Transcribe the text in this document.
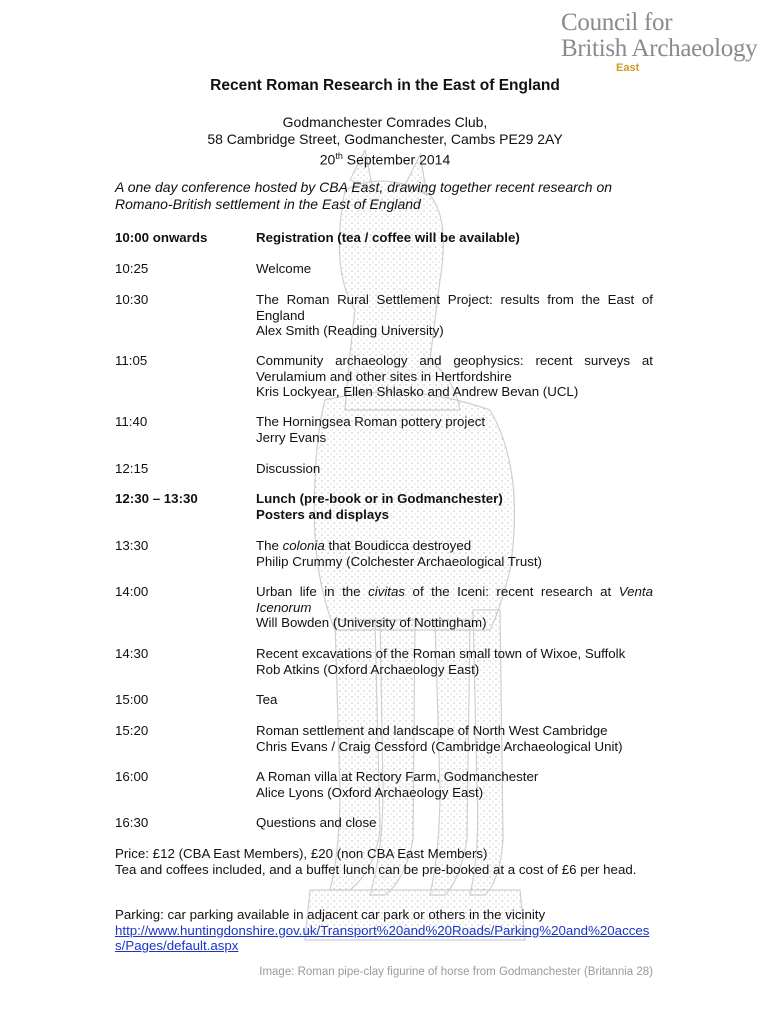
Council for
British Archaeology
East
Recent Roman Research in the East of England
Godmanchester Comrades Club,
58 Cambridge Street, Godmanchester, Cambs PE29 2AY
20th September 2014
A one day conference hosted by CBA East, drawing together recent research on Romano-British settlement in the East of England
10:00 onwards	Registration (tea / coffee will be available)
10:25	Welcome
10:30	The Roman Rural Settlement Project: results from the East of England
Alex Smith (Reading University)
11:05	Community archaeology and geophysics: recent surveys at Verulamium and other sites in Hertfordshire
Kris Lockyear, Ellen Shlasko and Andrew Bevan (UCL)
11:40	The Horningsea Roman pottery project
Jerry Evans
12:15	Discussion
12:30 – 13:30	Lunch (pre-book or in Godmanchester)
Posters and displays
13:30	The colonia that Boudicca destroyed
Philip Crummy (Colchester Archaeological Trust)
14:00	Urban life in the civitas of the Iceni: recent research at Venta Icenorum
Will Bowden (University of Nottingham)
14:30	Recent excavations of the Roman small town of Wixoe, Suffolk
Rob Atkins (Oxford Archaeology East)
15:00	Tea
15:20	Roman settlement and landscape of North West Cambridge
Chris Evans / Craig Cessford (Cambridge Archaeological Unit)
16:00	A Roman villa at Rectory Farm, Godmanchester
Alice Lyons (Oxford Archaeology East)
16:30	Questions and close
Price: £12 (CBA East Members), £20 (non CBA East Members)
Tea and coffees included, and a buffet lunch can be pre-booked at a cost of £6 per head.
Parking: car parking available in adjacent car park or others in the vicinity
http://www.huntingdonshire.gov.uk/Transport%20and%20Roads/Parking%20and%20access/Pages/default.aspx
Image: Roman pipe-clay figurine of horse from Godmanchester (Britannia 28)
